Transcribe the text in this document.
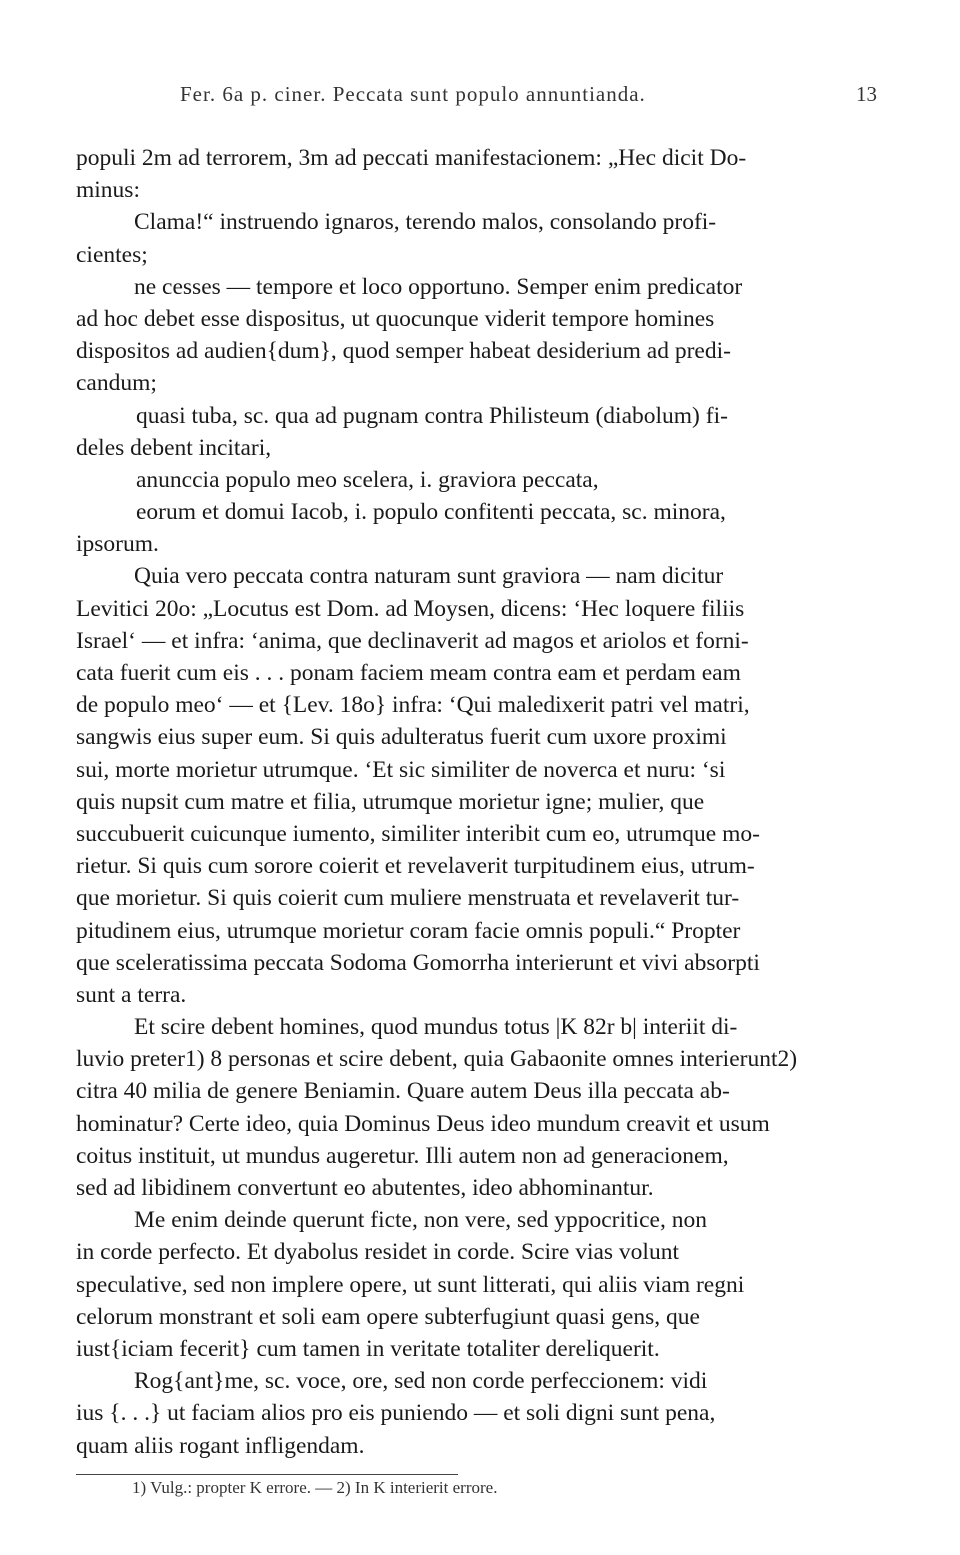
Fer. 6a p. ciner. Peccata sunt populo annuntianda.	13
populi 2m ad terrorem, 3m ad peccati manifestacionem: „Hec dicit Do-
minus:
Clama!“ instruendo ignaros, terendo malos, consolando profi-
cientes;
ne cesses — tempore et loco opportuno. Semper enim predicator
ad hoc debet esse dispositus, ut quocunque viderit tempore homines
dispositos ad audien{dum}, quod semper habeat desiderium ad predi-
candum;
quasi tuba, sc. qua ad pugnam contra Philisteum (diabolum) fi-
deles debent incitari,
anunccia populo meo scelera, i. graviora peccata,
eorum et domui Iacob, i. populo confitenti peccata, sc. minora,
ipsorum.
Quia vero peccata contra naturam sunt graviora — nam dicitur
Levitici 20o: „Locutus est Dom. ad Moysen, dicens: ‘Hec loquere filiis
Israel‘ — et infra: ‘anima, que declinaverit ad magos et ariolos et forni-
cata fuerit cum eis . . . ponam faciem meam contra eam et perdam eam
de populo meo‘ — et {Lev. 18o} infra: ‘Qui maledixerit patri vel matri,
sangwis eius super eum. Si quis adulteratus fuerit cum uxore proximi
sui, morte morietur utrumque. ‘Et sic similiter de noverca et nuru: ‘si
quis nupsit cum matre et filia, utrumque morietur igne; mulier, que
succubuerit cuicunque iumento, similiter interibit cum eo, utrumque mo-
rietur. Si quis cum sorore coierit et revelaverit turpitudinem eius, utrum-
que morietur. Si quis coierit cum muliere menstruata et revelaverit tur-
pitudinem eius, utrumque morietur coram facie omnis populi.“ Propter
que sceleratissima peccata Sodoma Gomorrha interierunt et vivi absorpti
sunt a terra.
Et scire debent homines, quod mundus totus |K 82r b| interiit di-
luvio preter1) 8 personas et scire debent, quia Gabaonite omnes interierunt2)
citra 40 milia de genere Beniamin. Quare autem Deus illa peccata ab-
hominatur? Certe ideo, quia Dominus Deus ideo mundum creavit et usum
coitus instituit, ut mundus augeretur. Illi autem non ad generacionem,
sed ad libidinem convertunt eo abutentes, ideo abhominantur.
Me enim deinde querunt ficte, non vere, sed yppocritice, non
in corde perfecto. Et dyabolus residet in corde. Scire vias volunt
speculative, sed non implere opere, ut sunt litterati, qui aliis viam regni
celorum monstrant et soli eam opere subterfugiunt quasi gens, que
iust{iciam fecerit} cum tamen in veritate totaliter dereliquerit.
Rog{ant}me, sc. voce, ore, sed non corde perfeccionem: vidi
ius {. . .} ut faciam alios pro eis puniendo — et soli digni sunt pena,
quam aliis rogant infligendam.
1) Vulg.: propter K errore. — 2) In K interierit errore.
